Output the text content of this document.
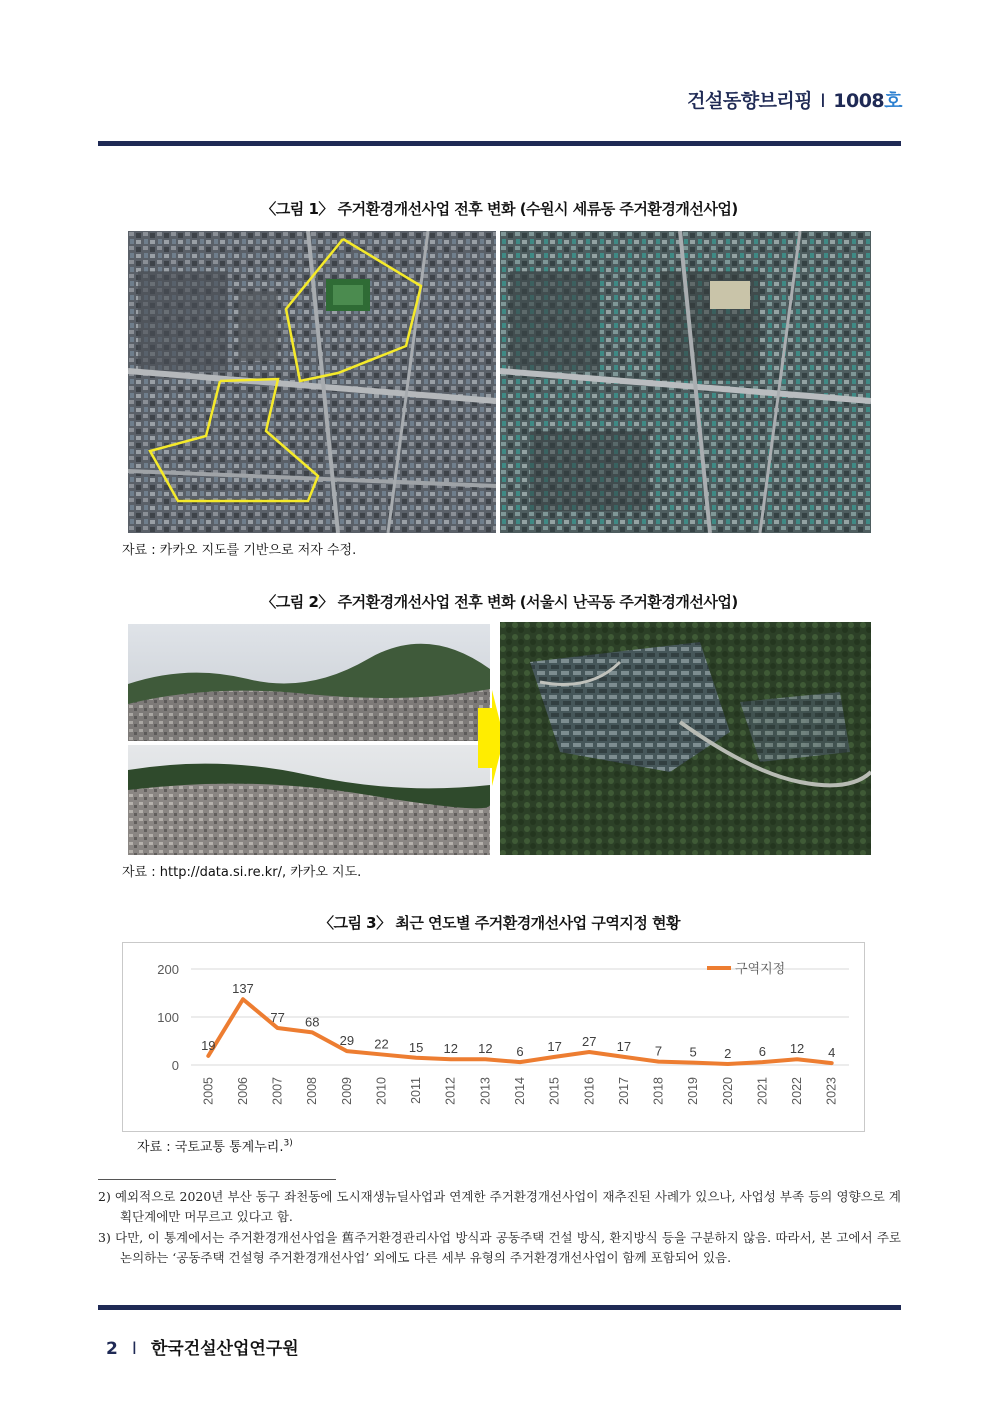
건설동향브리핑 I 1008호
〈그림 1〉 주거환경개선사업 전후 변화 (수원시 세류동 주거환경개선사업)
자료 : 카카오 지도를 기반으로 저자 수정.
〈그림 2〉 주거환경개선사업 전후 변화 (서울시 난곡동 주거환경개선사업)
자료 : http://data.si.re.kr/, 카카오 지도.
〈그림 3〉 최근 연도별 주거환경개선사업 구역지정 현황
0
100
200
2005 2006 2007 2008 2009 2010 2011 2012 2013 2014 2015 2016 2017 2018 2019 2020 2021 2022 2023
19
137
77 68
29 22 15 12 12 6 17 27 17 7 5 2 6 12 4
구역지정
자료 : 국토교통 통계누리.$^{3)}$
2) 예외적으로 2020년 부산 동구 좌천동에 도시재생뉴딜사업과 연계한 주거환경개선사업이 재추진된 사례가 있으나, 사업성 부족 등의 영향으로 계획단계에만 머무르고 있다고 함.
3) 다만, 이 통계에서는 주거환경개선사업을 舊주거환경관리사업 방식과 공동주택 건설 방식, 환지방식 등을 구분하지 않음. 따라서, 본 고에서 주로 논의하는 ‘공동주택 건설형 주거환경개선사업’ 외에도 다른 세부 유형의 주거환경개선사업이 함께 포함되어 있음.
2 I 한국건설산업연구원
